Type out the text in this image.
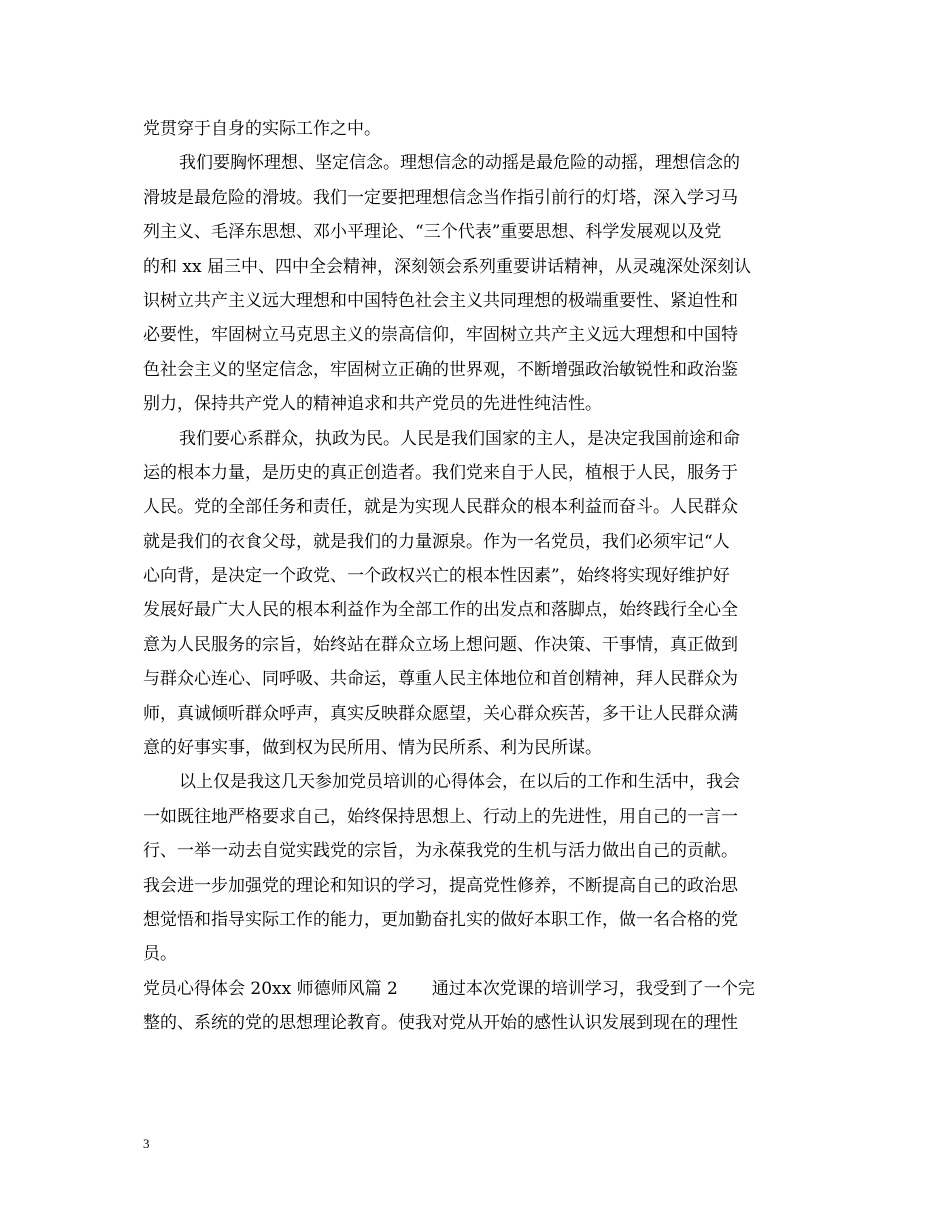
党贯穿于自身的实际工作之中。
我们要胸怀理想、坚定信念。理想信念的动摇是最危险的动摇，理想信念的
滑坡是最危险的滑坡。我们一定要把理想信念当作指引前行的灯塔，深入学习马
列主义、毛泽东思想、邓小平理论、“三个代表”重要思想、科学发展观以及党
的和 xx 届三中、四中全会精神，深刻领会系列重要讲话精神，从灵魂深处深刻认
识树立共产主义远大理想和中国特色社会主义共同理想的极端重要性、紧迫性和
必要性，牢固树立马克思主义的崇高信仰，牢固树立共产主义远大理想和中国特
色社会主义的坚定信念，牢固树立正确的世界观，不断增强政治敏锐性和政治鉴
别力，保持共产党人的精神追求和共产党员的先进性纯洁性。
我们要心系群众，执政为民。人民是我们国家的主人，是决定我国前途和命
运的根本力量，是历史的真正创造者。我们党来自于人民，植根于人民，服务于
人民。党的全部任务和责任，就是为实现人民群众的根本利益而奋斗。人民群众
就是我们的衣食父母，就是我们的力量源泉。作为一名党员，我们必须牢记“人
心向背，是决定一个政党、一个政权兴亡的根本性因素”，始终将实现好维护好
发展好最广大人民的根本利益作为全部工作的出发点和落脚点，始终践行全心全
意为人民服务的宗旨，始终站在群众立场上想问题、作决策、干事情，真正做到
与群众心连心、同呼吸、共命运，尊重人民主体地位和首创精神，拜人民群众为
师，真诚倾听群众呼声，真实反映群众愿望，关心群众疾苦，多干让人民群众满
意的好事实事，做到权为民所用、情为民所系、利为民所谋。
以上仅是我这几天参加党员培训的心得体会，在以后的工作和生活中，我会
一如既往地严格要求自己，始终保持思想上、行动上的先进性，用自己的一言一
行、一举一动去自觉实践党的宗旨，为永葆我党的生机与活力做出自己的贡献。
我会进一步加强党的理论和知识的学习，提高党性修养，不断提高自己的政治思
想觉悟和指导实际工作的能力，更加勤奋扎实的做好本职工作，做一名合格的党
员。
党员心得体会 20xx 师德师风篇 2　　通过本次党课的培训学习，我受到了一个完
整的、系统的党的思想理论教育。使我对党从开始的感性认识发展到现在的理性
3
